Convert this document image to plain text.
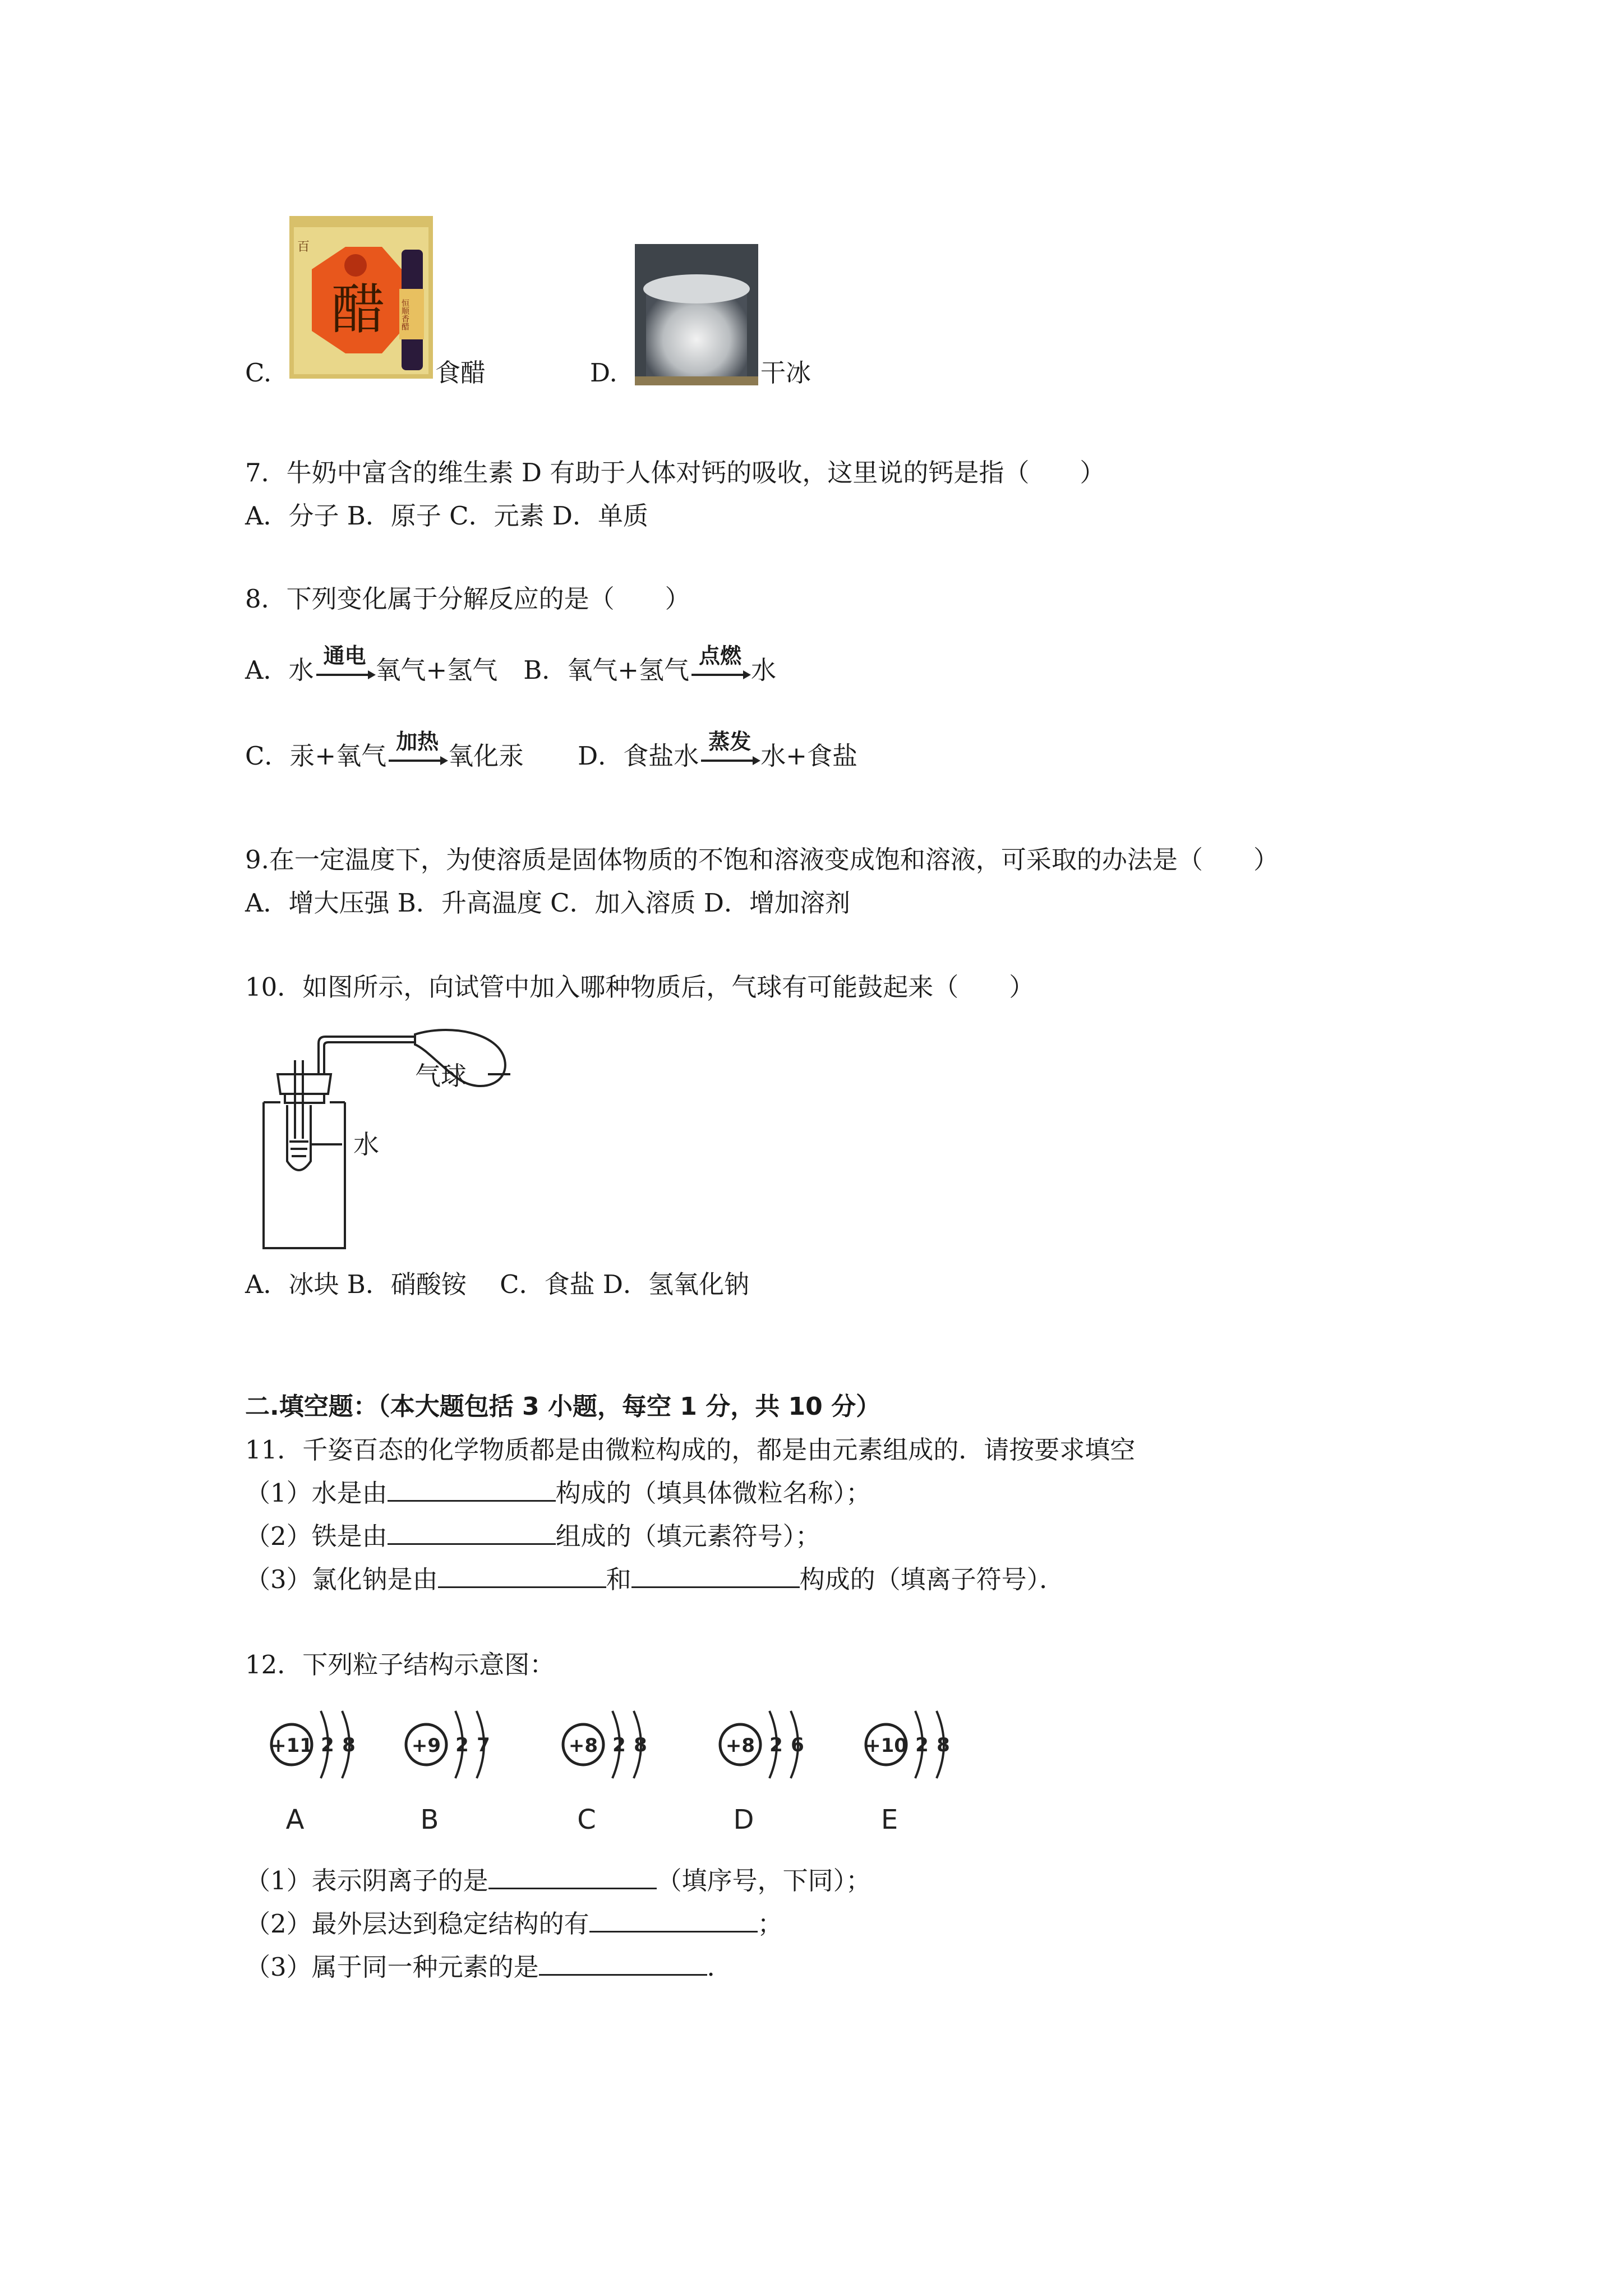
醋 恒顺香醋
百
C.	食醋	D.	干冰
7．牛奶中富含的维生素 D 有助于人体对钙的吸收，这里说的钙是指（　　）
A．分子 B．原子 C．元素 D．单质
8．下列变化属于分解反应的是（　　）
A．水 通电 氧气+氢气 B．氧气+氢气 点燃 水
C．汞+氧气 加热 氧化汞 D．食盐水 蒸发 水+食盐
9.在一定温度下，为使溶质是固体物质的不饱和溶液变成饱和溶液，可采取的办法是（　　）
A．增大压强 B．升高温度 C．加入溶质 D．增加溶剂
10．如图所示，向试管中加入哪种物质后，气球有可能鼓起来（　　）
气球
水
A．冰块 B．硝酸铵　 C．食盐 D．氢氧化钠
二.填空题：（本大题包括 3 小题，每空 1 分，共 10 分）
11．千姿百态的化学物质都是由微粒构成的，都是由元素组成的．请按要求填空
（1）水是由	构成的（填具体微粒名称）；
（2）铁是由	组成的（填元素符号）；
（3）氯化钠是由	和	构成的（填离子符号）．
12．下列粒子结构示意图：
+11 2 8
A
+9 2 7
B
+8 2 8
C
+8 2 6
D
+10 2 8
E
（1）表示阴离子的是	（填序号，下同）；
（2）最外层达到稳定结构的有	；
（3）属于同一种元素的是	．
